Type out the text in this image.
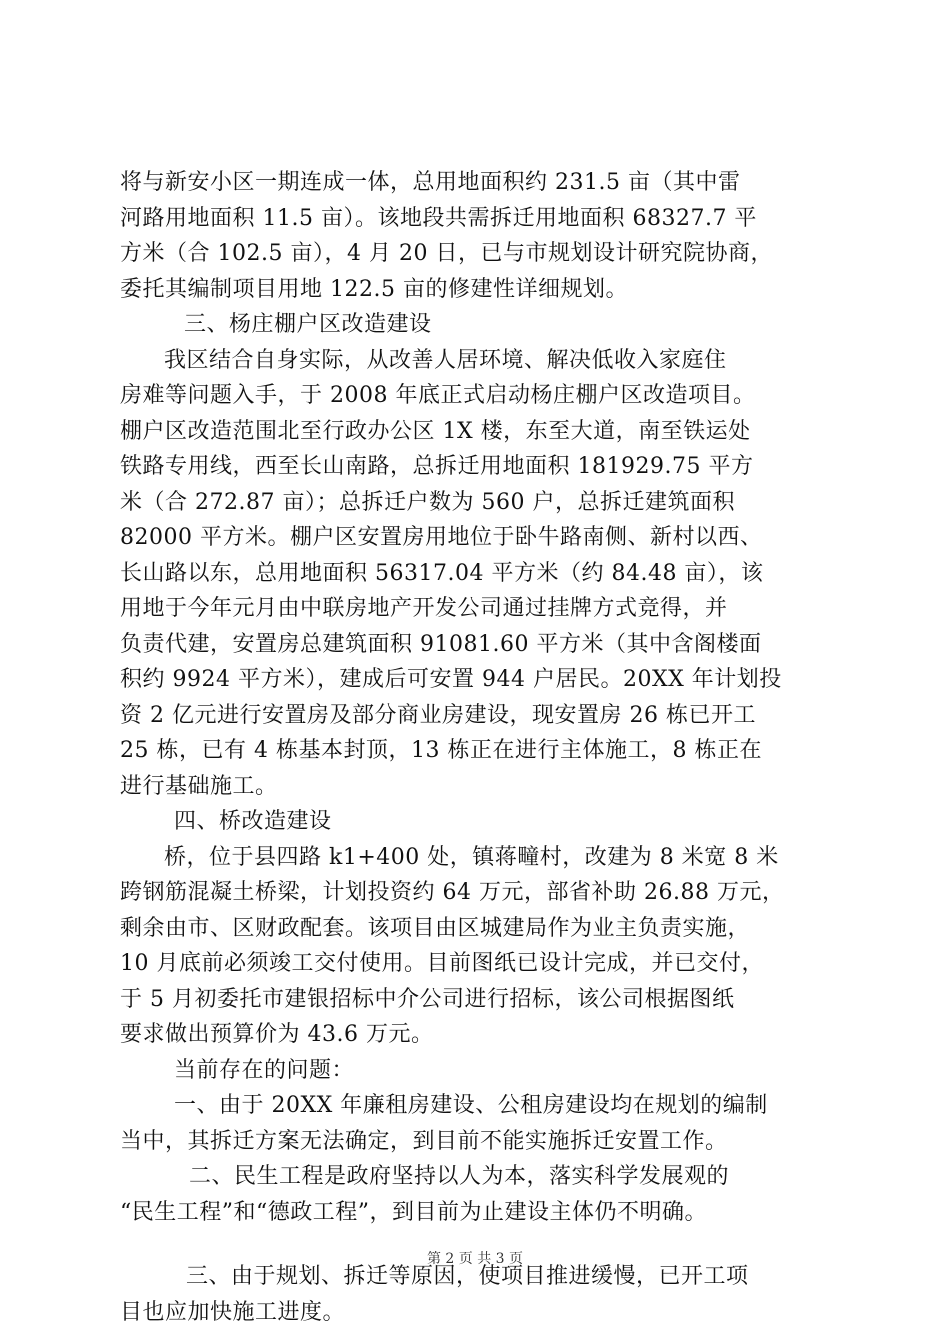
将与新安小区一期连成一体，总用地面积约 231.5 亩（其中雷
河路用地面积 11.5 亩）。该地段共需拆迁用地面积 68327.7 平
方米（合 102.5 亩），4 月 20 日，已与市规划设计研究院协商，
委托其编制项目用地 122.5 亩的修建性详细规划。
三、杨庄棚户区改造建设
我区结合自身实际，从改善人居环境、解决低收入家庭住
房难等问题入手，于 2008 年底正式启动杨庄棚户区改造项目。
棚户区改造范围北至行政办公区 1X 楼，东至大道，南至铁运处
铁路专用线，西至长山南路，总拆迁用地面积 181929.75 平方
米（合 272.87 亩）；总拆迁户数为 560 户，总拆迁建筑面积
82000 平方米。棚户区安置房用地位于卧牛路南侧、新村以西、
长山路以东，总用地面积 56317.04 平方米（约 84.48 亩），该
用地于今年元月由中联房地产开发公司通过挂牌方式竞得，并
负责代建，安置房总建筑面积 91081.60 平方米（其中含阁楼面
积约 9924 平方米），建成后可安置 944 户居民。20XX 年计划投
资 2 亿元进行安置房及部分商业房建设，现安置房 26 栋已开工
25 栋，已有 4 栋基本封顶，13 栋正在进行主体施工，8 栋正在
进行基础施工。
四、桥改造建设
桥，位于县四路 k1+400 处，镇蒋疃村，改建为 8 米宽 8 米
跨钢筋混凝土桥梁，计划投资约 64 万元，部省补助 26.88 万元，
剩余由市、区财政配套。该项目由区城建局作为业主负责实施，
10 月底前必须竣工交付使用。目前图纸已设计完成，并已交付，
于 5 月初委托市建银招标中介公司进行招标，该公司根据图纸
要求做出预算价为 43.6 万元。
当前存在的问题：
一、由于 20XX 年廉租房建设、公租房建设均在规划的编制
当中，其拆迁方案无法确定，到目前不能实施拆迁安置工作。
二、民生工程是政府坚持以人为本，落实科学发展观的
“民生工程”和“德政工程”，到目前为止建设主体仍不明确。
三、由于规划、拆迁等原因，使项目推进缓慢，已开工项
目也应加快施工进度。
第 2 页 共 3 页
